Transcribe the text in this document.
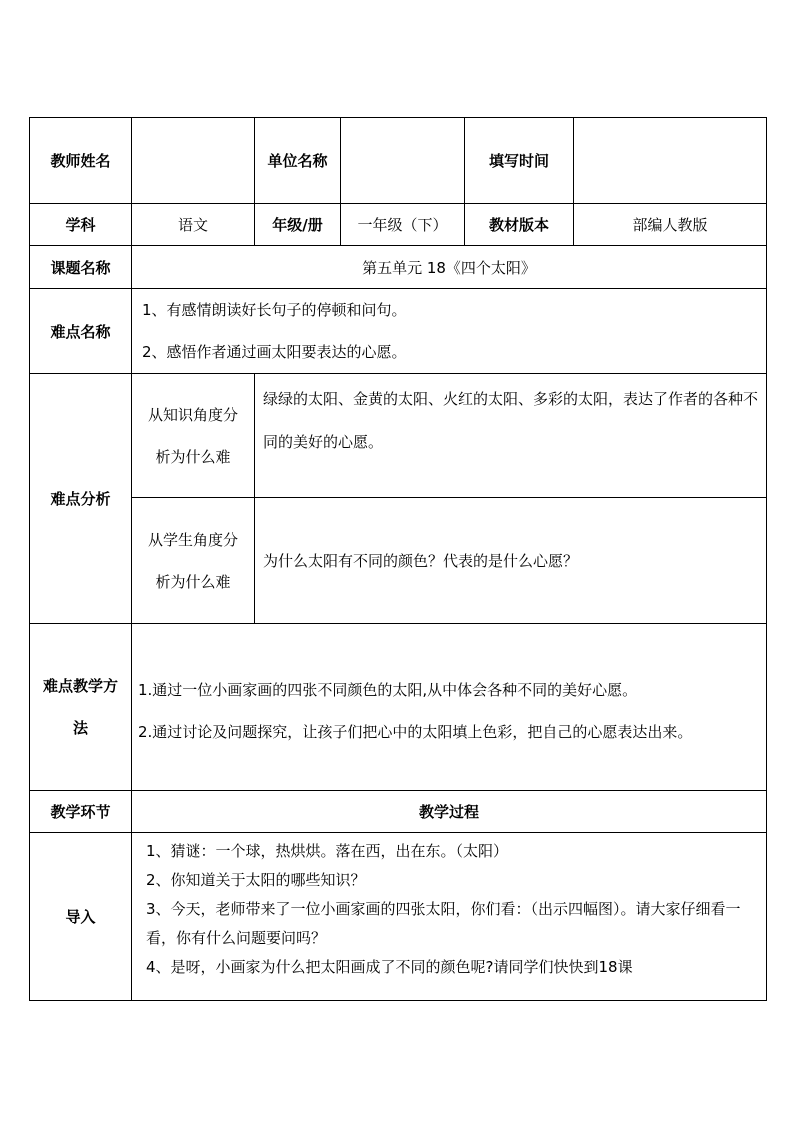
教师姓名		单位名称		填写时间	
学科	语文	年级/册	一年级（下）	教材版本	部编人教版
课题名称	第五单元 18《四个太阳》				
难点名称	1、有感情朗读好长句子的停顿和问句。
2、感悟作者通过画太阳要表达的心愿。				

难点分析	从知识角度分析为什么难	绿绿的太阳、金黄的太阳、火红的太阳、多彩的太阳，表达了作者的各种不同的美好的心愿。			
	从学生角度分析为什么难	为什么太阳有不同的颜色？代表的是什么心愿？			
难点教学方法	1.通过一位小画家画的四张不同颜色的太阳,从中体会各种不同的美好心愿。
2.通过讨论及问题探究，让孩子们把心中的太阳填上色彩，把自己的心愿表达出来。				

教学环节	教学过程				
导入	1、猜谜：一个球，热烘烘。落在西，出在东。（太阳）
2、你知道关于太阳的哪些知识？
3、今天，老师带来了一位小画家画的四张太阳，你们看：（出示四幅图）。请大家仔细看一看，你有什么问题要问吗？
4、是呀，小画家为什么把太阳画成了不同的颜色呢?请同学们快快到18课				
